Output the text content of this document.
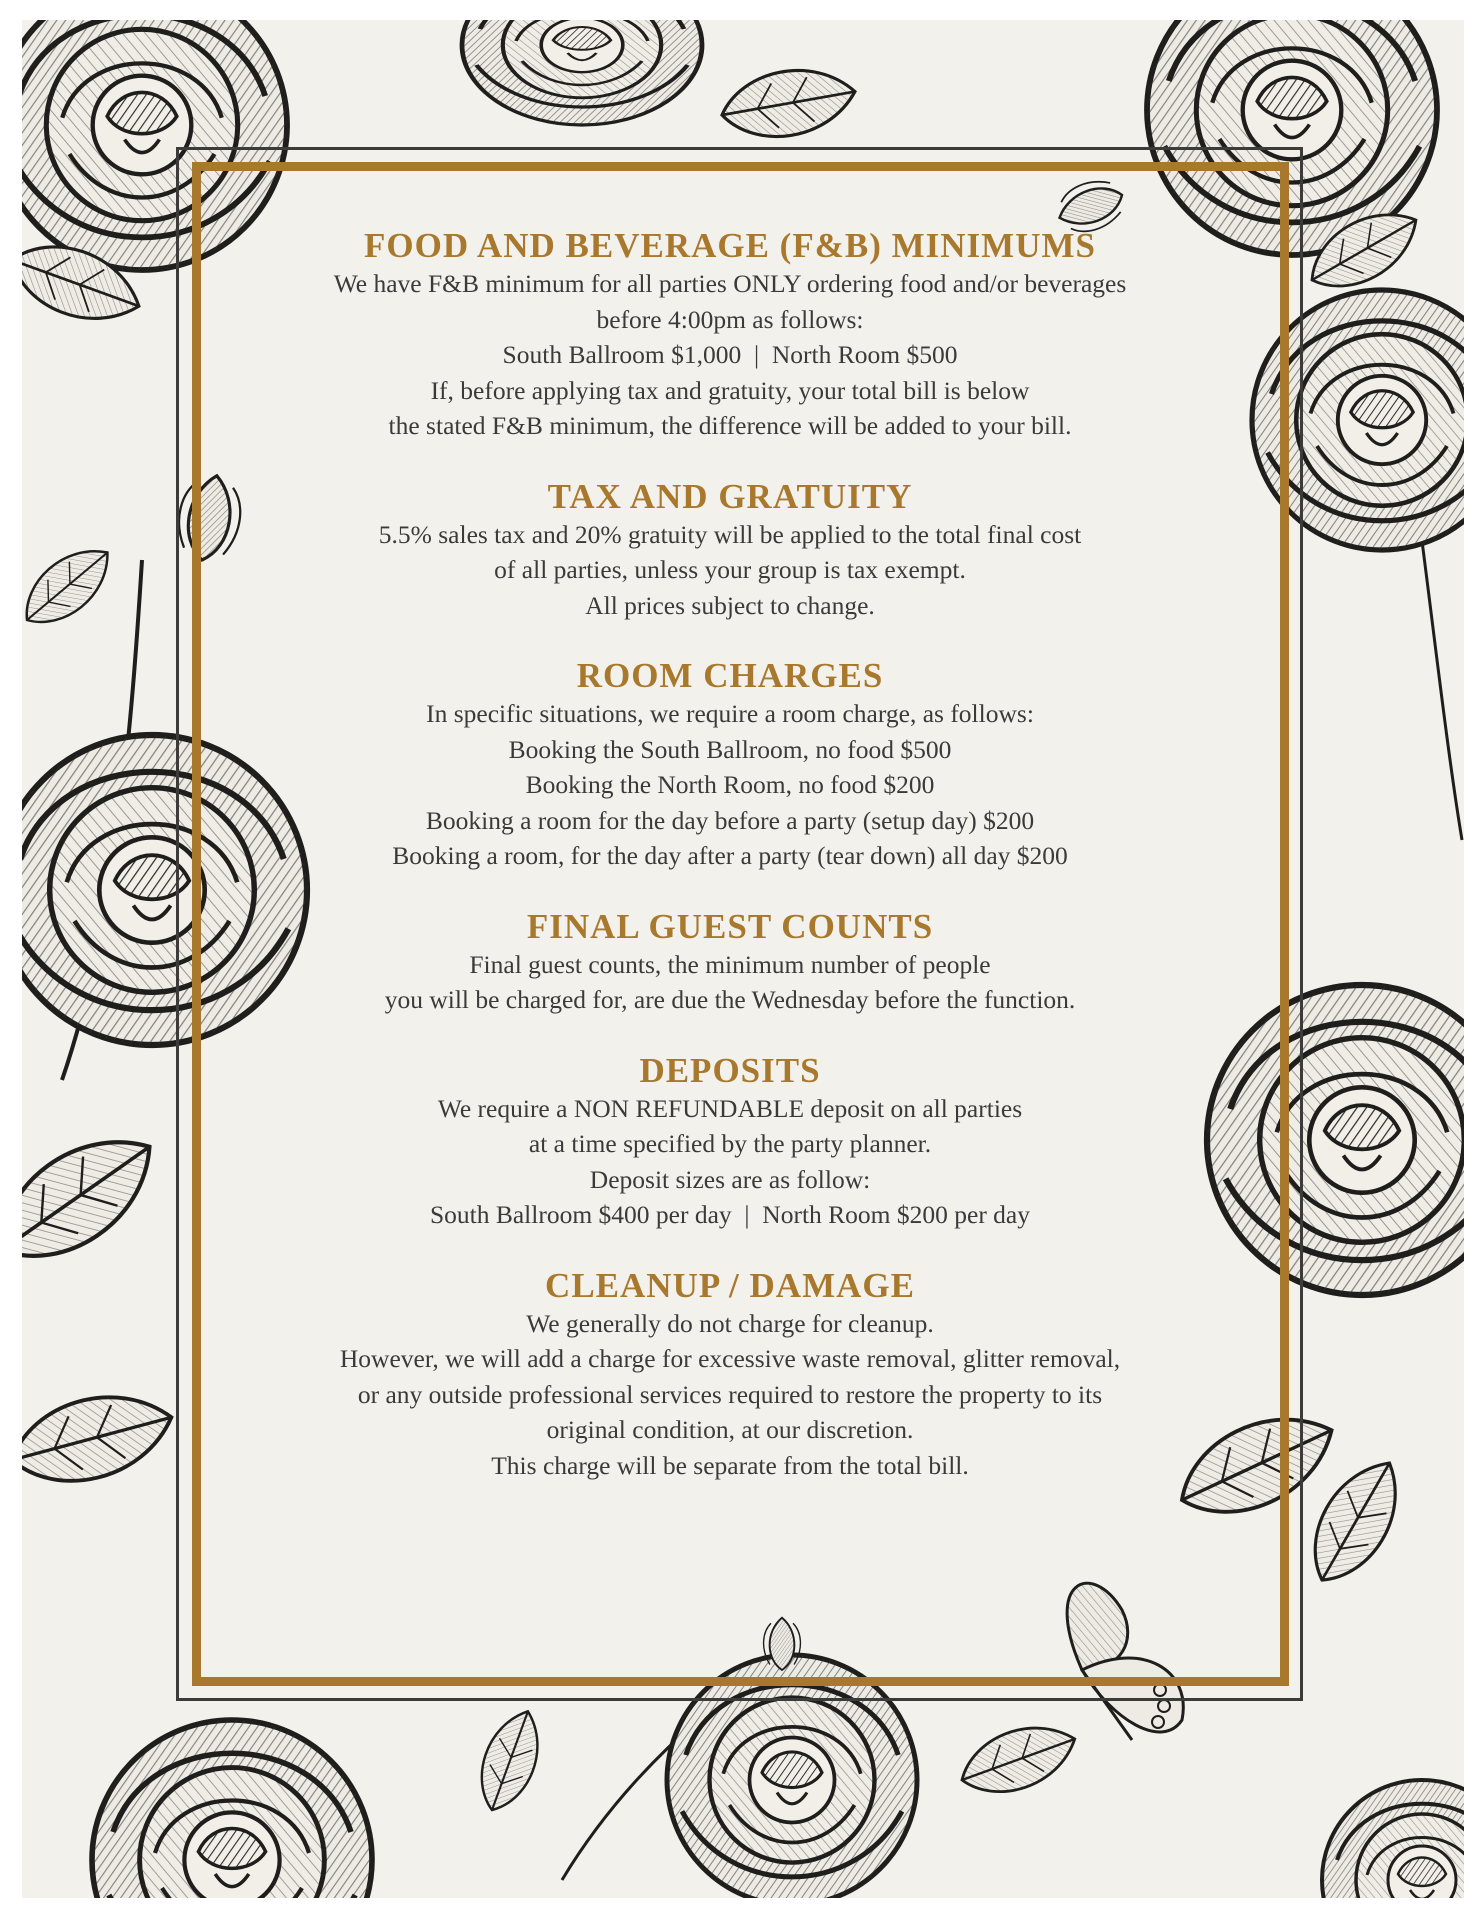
FOOD AND BEVERAGE (F&B) MINIMUMS
We have F&B minimum for all parties ONLY ordering food and/or beverages
before 4:00pm as follows:
South Ballroom $1,000  |  North Room $500
If, before applying tax and gratuity, your total bill is below
the stated F&B minimum, the difference will be added to your bill.
TAX AND GRATUITY
5.5% sales tax and 20% gratuity will be applied to the total final cost
of all parties, unless your group is tax exempt.
All prices subject to change.
ROOM CHARGES
In specific situations, we require a room charge, as follows:
Booking the South Ballroom, no food $500
Booking the North Room, no food $200
Booking a room for the day before a party (setup day) $200
Booking a room, for the day after a party (tear down) all day $200
FINAL GUEST COUNTS
Final guest counts, the minimum number of people
you will be charged for, are due the Wednesday before the function.
DEPOSITS
We require a NON REFUNDABLE deposit on all parties
at a time specified by the party planner.
Deposit sizes are as follow:
South Ballroom $400 per day  |  North Room $200 per day
CLEANUP / DAMAGE
We generally do not charge for cleanup.
However, we will add a charge for excessive waste removal, glitter removal,
or any outside professional services required to restore the property to its
original condition, at our discretion.
This charge will be separate from the total bill.
